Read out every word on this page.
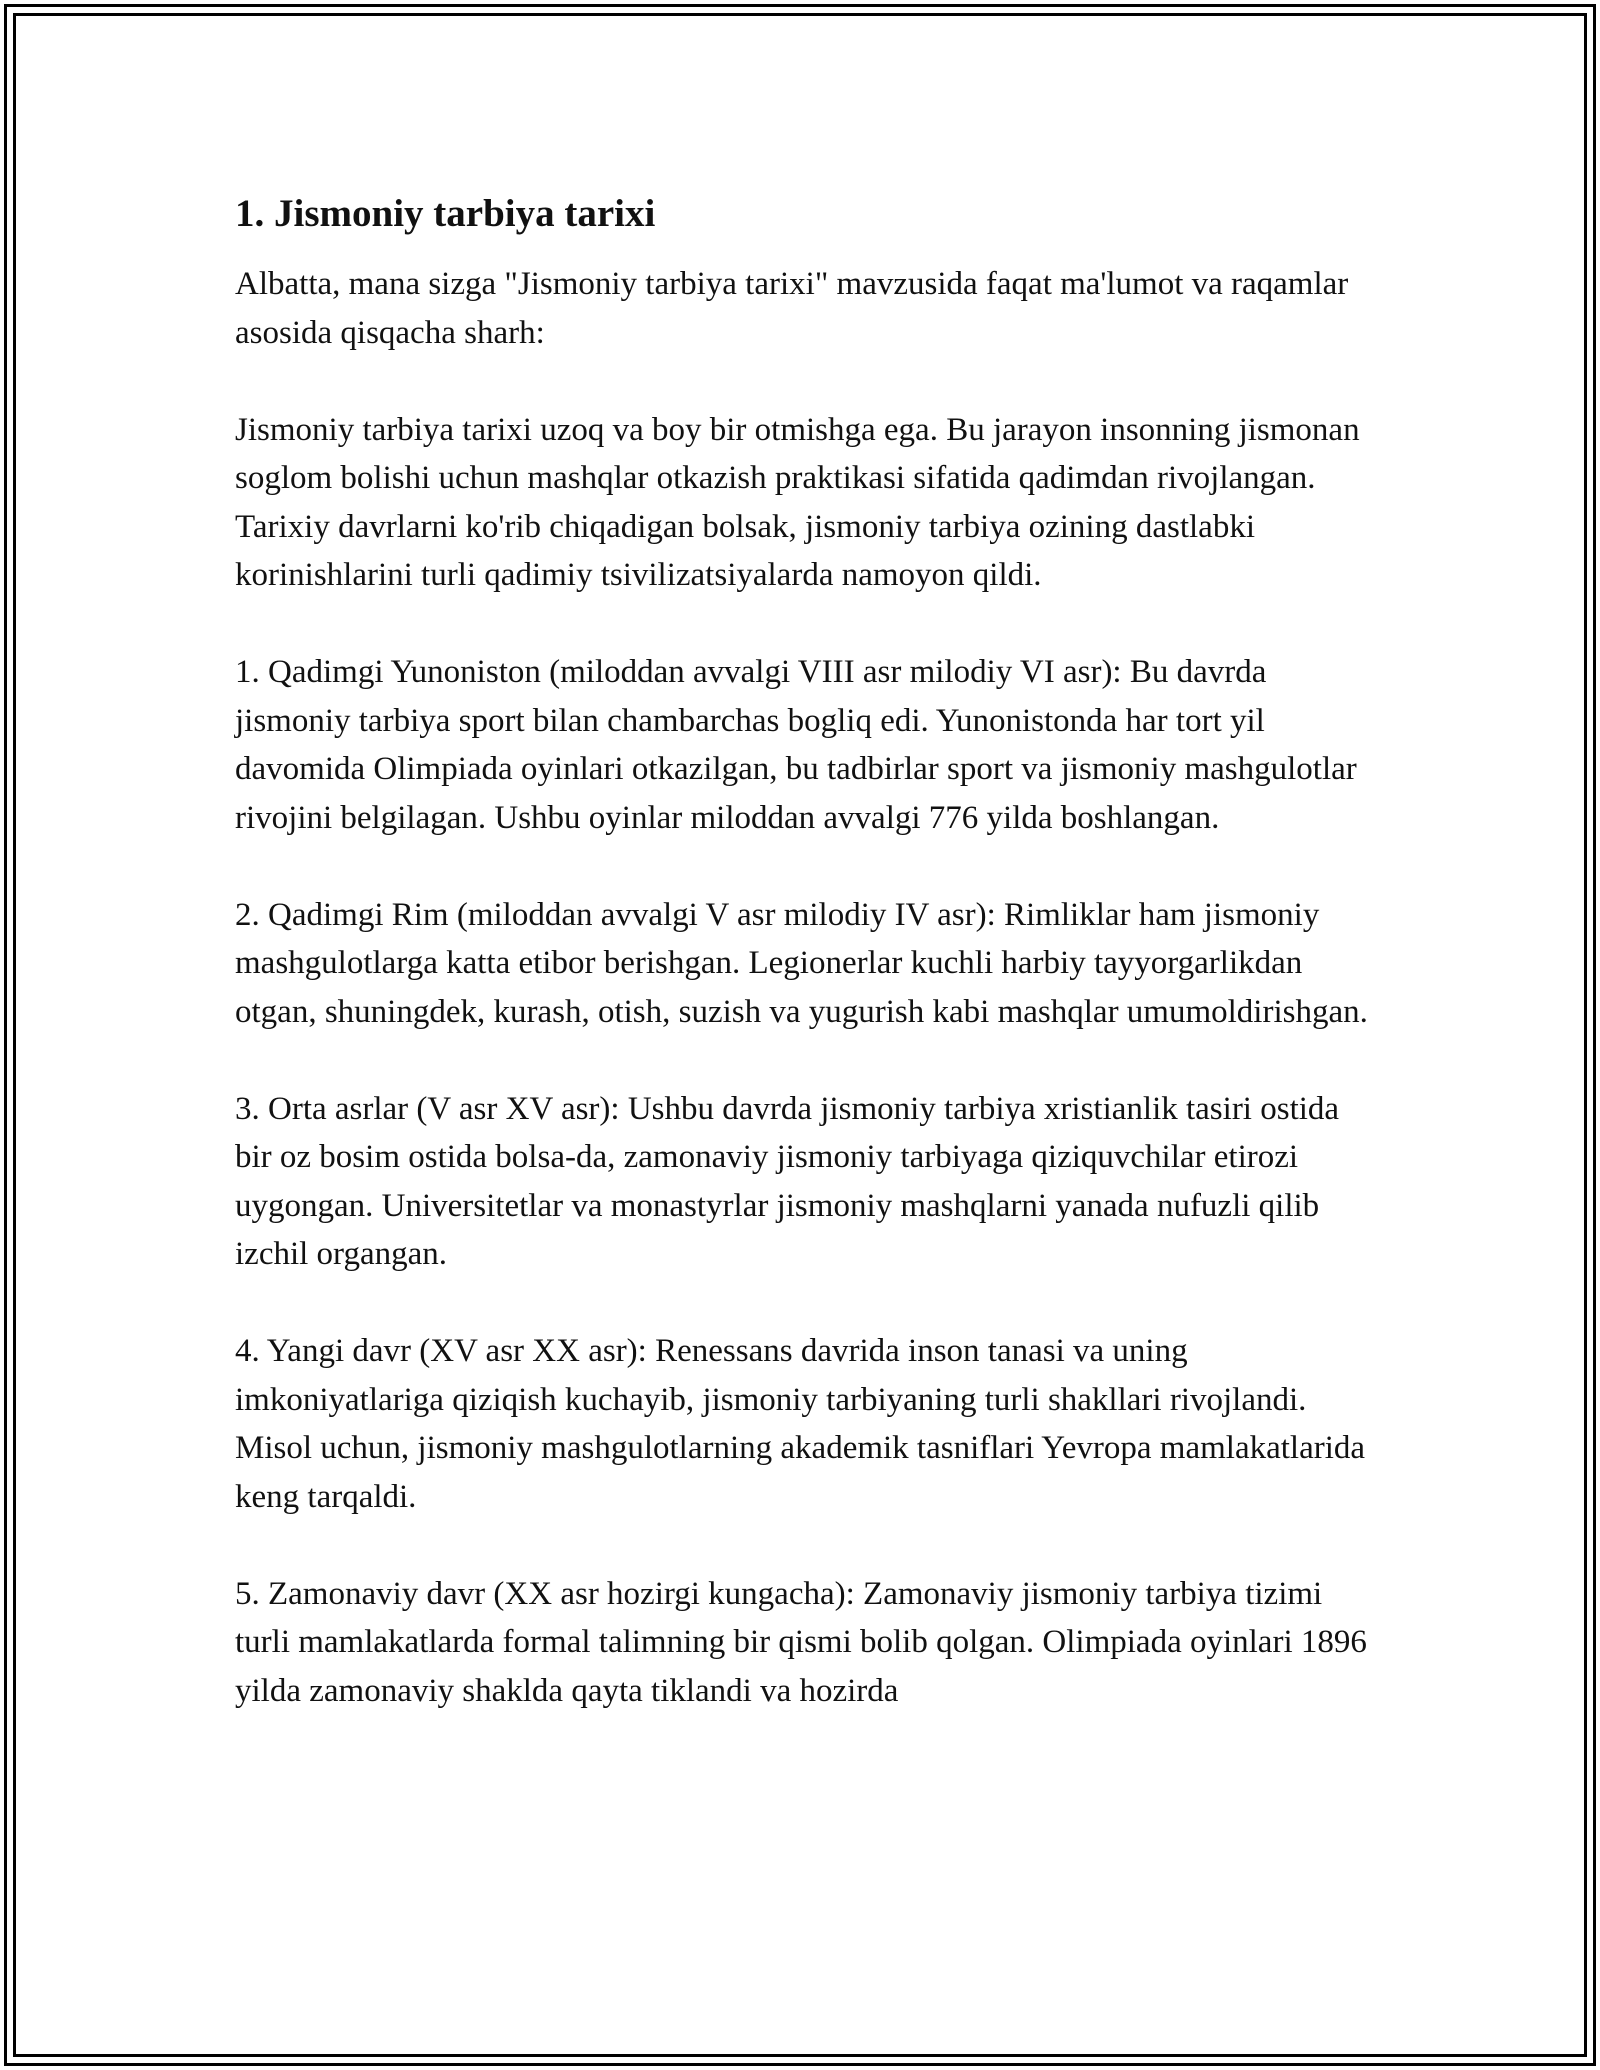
1. Jismoniy tarbiya tarixi

Albatta, mana sizga "Jismoniy tarbiya tarixi" mavzusida faqat ma'lumot va raqamlar asosida qisqacha sharh:

Jismoniy tarbiya tarixi uzoq va boy bir otmishga ega. Bu jarayon insonning jismonan soglom bolishi uchun mashqlar otkazish praktikasi sifatida qadimdan rivojlangan. Tarixiy davrlarni ko'rib chiqadigan bolsak, jismoniy tarbiya ozining dastlabki korinishlarini turli qadimiy tsivilizatsiyalarda namoyon qildi.

1. Qadimgi Yunoniston (miloddan avvalgi VIII asr milodiy VI asr): Bu davrda jismoniy tarbiya sport bilan chambarchas bogliq edi. Yunonistonda har tort yil davomida Olimpiada oyinlari otkazilgan, bu tadbirlar sport va jismoniy mashgulotlar rivojini belgilagan. Ushbu oyinlar miloddan avvalgi 776 yilda boshlangan.

2. Qadimgi Rim (miloddan avvalgi V asr milodiy IV asr): Rimliklar ham jismoniy mashgulotlarga katta etibor berishgan. Legionerlar kuchli harbiy tayyorgarlikdan otgan, shuningdek, kurash, otish, suzish va yugurish kabi mashqlar umumoldirishgan.

3. Orta asrlar (V asr XV asr): Ushbu davrda jismoniy tarbiya xristianlik tasiri ostida bir oz bosim ostida bolsa-da, zamonaviy jismoniy tarbiyaga qiziquvchilar etirozi uygongan. Universitetlar va monastyrlar jismoniy mashqlarni yanada nufuzli qilib izchil organgan.

4. Yangi davr (XV asr XX asr): Renessans davrida inson tanasi va uning imkoniyatlariga qiziqish kuchayib, jismoniy tarbiyaning turli shakllari rivojlandi. Misol uchun, jismoniy mashgulotlarning akademik tasniflari Yevropa mamlakatlarida keng tarqaldi.

5. Zamonaviy davr (XX asr hozirgi kungacha): Zamonaviy jismoniy tarbiya tizimi turli mamlakatlarda formal talimning bir qismi bolib qolgan. Olimpiada oyinlari 1896 yilda zamonaviy shaklda qayta tiklandi va hozirda
